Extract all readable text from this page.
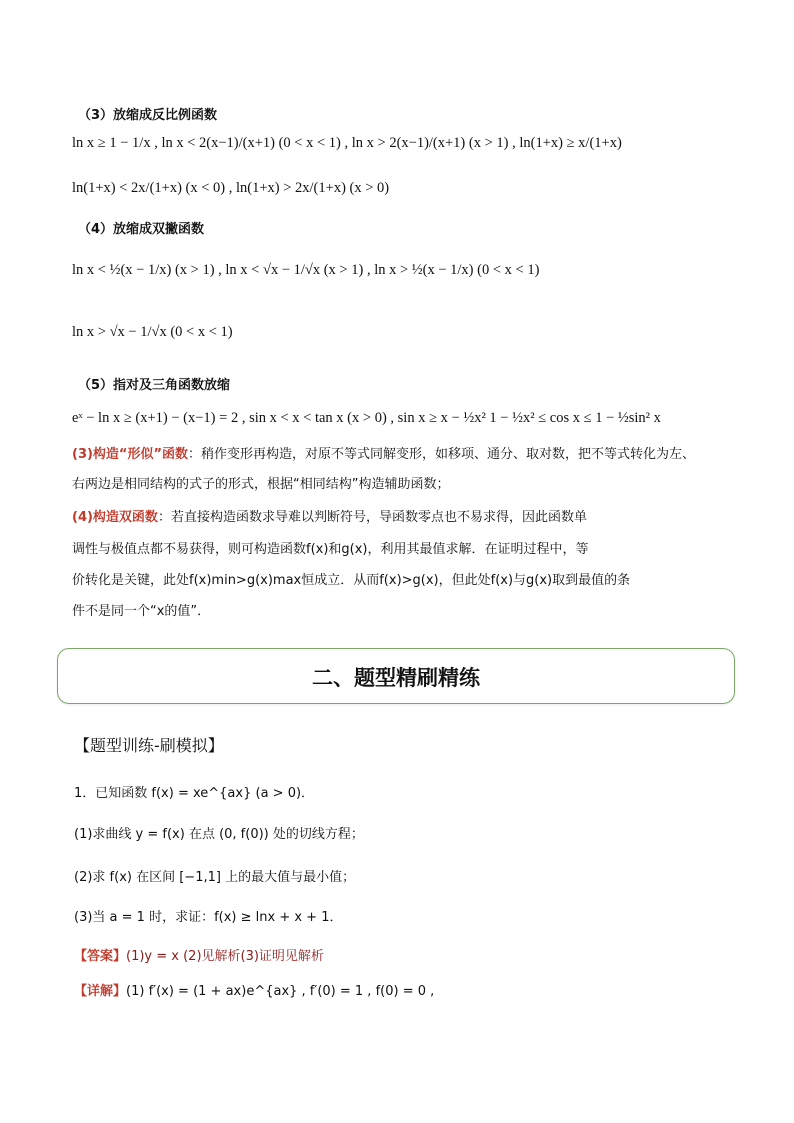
（3）放缩成反比例函数
ln x ≥ 1 − 1/x , ln x < 2(x−1)/(x+1) (0 < x < 1) , ln x > 2(x−1)/(x+1) (x > 1) , ln(1+x) ≥ x/(1+x)
ln(1+x) < 2x/(1+x) (x < 0) , ln(1+x) > 2x/(1+x) (x > 0)
（4）放缩成双撇函数
ln x < ½(x − 1/x) (x > 1) , ln x < √x − 1/√x (x > 1) , ln x > ½(x − 1/x) (0 < x < 1)
ln x > √x − 1/√x (0 < x < 1)
（5）指对及三角函数放缩
eˣ − ln x ≥ (x+1) − (x−1) = 2 , sin x < x < tan x (x > 0) , sin x ≥ x − ½x² 1 − ½x² ≤ cos x ≤ 1 − ½sin² x
(3)构造“形似”函数：稍作变形再构造，对原不等式同解变形，如移项、通分、取对数，把不等式转化为左、
右两边是相同结构的式子的形式，根据“相同结构”构造辅助函数；
(4)构造双函数：若直接构造函数求导难以判断符号，导函数零点也不易求得，因此函数单
调性与极值点都不易获得，则可构造函数f(x)和g(x)，利用其最值求解．在证明过程中，等
价转化是关键，此处f(x)min>g(x)max恒成立．从而f(x)>g(x)，但此处f(x)与g(x)取到最值的条
件不是同一个“x的值”．
二、题型精刷精练
【题型训练-刷模拟】
1．已知函数 f(x) = xe^{ax} (a > 0)．
(1)求曲线 y = f(x) 在点 (0, f(0)) 处的切线方程；
(2)求 f(x) 在区间 [−1,1] 上的最大值与最小值；
(3)当 a = 1 时，求证：f(x) ≥ lnx + x + 1．
【答案】(1)y = x (2)见解析(3)证明见解析
【详解】(1) f′(x) = (1 + ax)e^{ax} , f′(0) = 1 , f(0) = 0 ,
